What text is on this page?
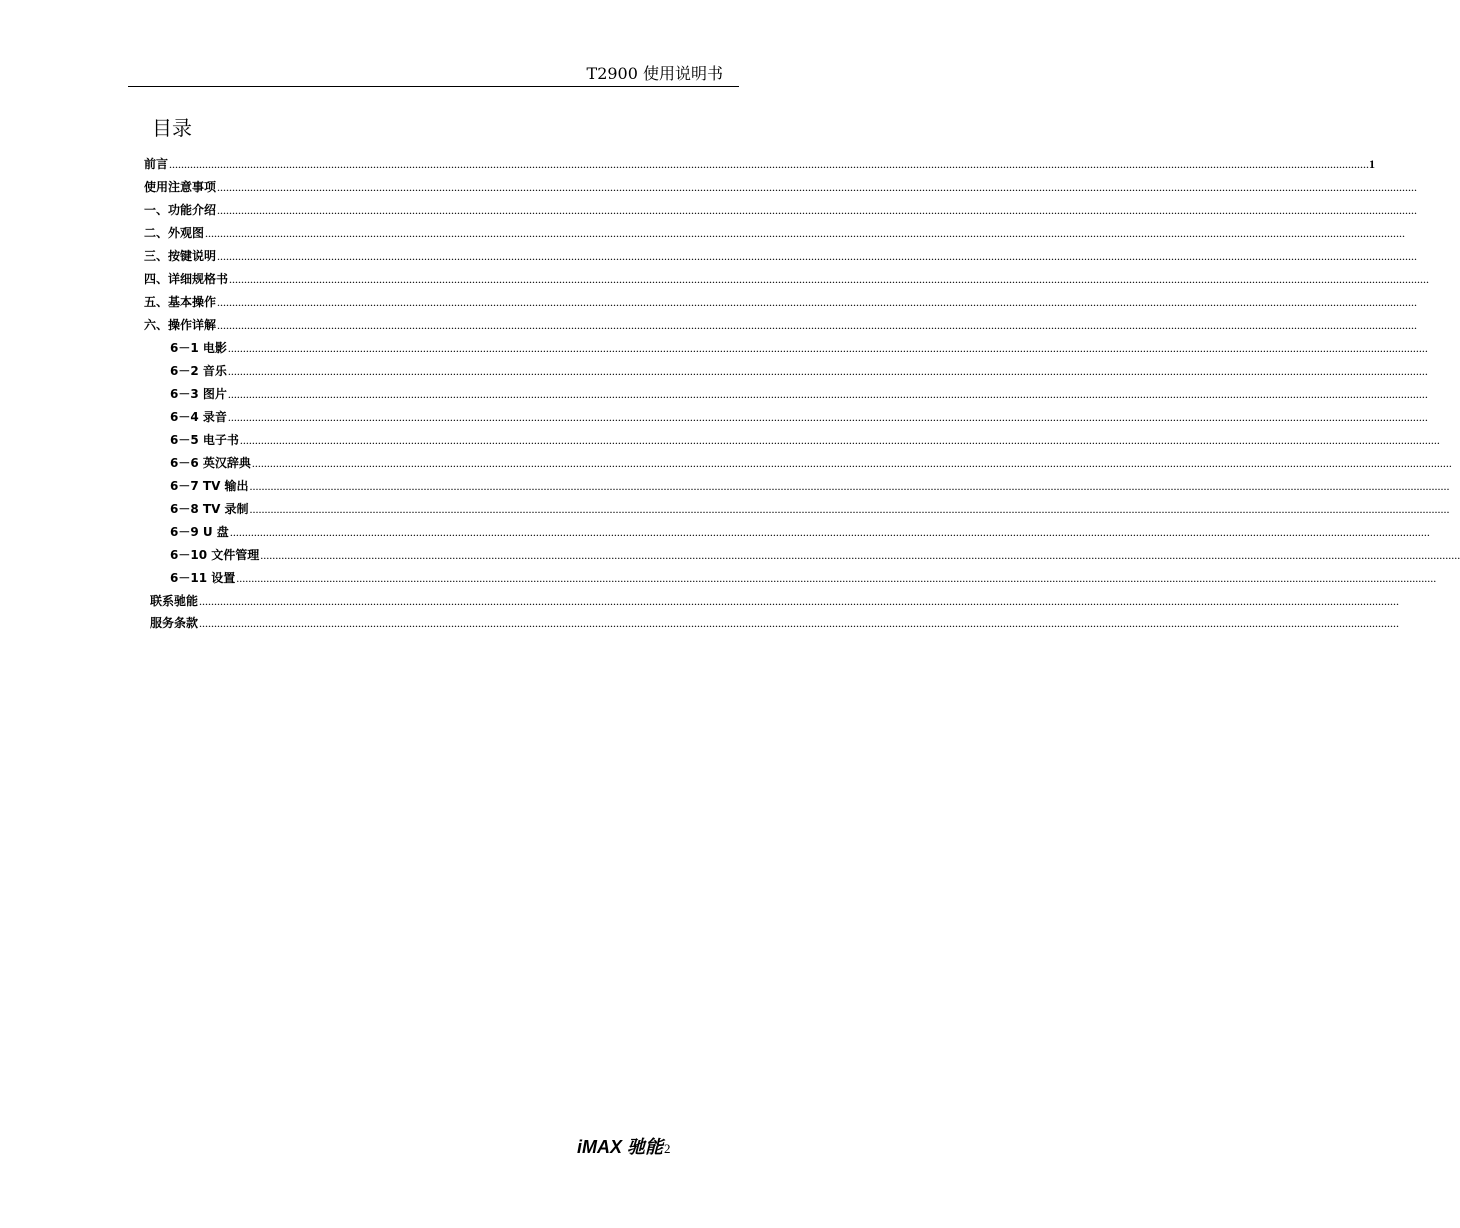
T2900 使用说明书
目录
前言 ................................................................................................................................................................................................................................................................................................................................................................................................................ 1
使用注意事项 ................................................................................................................................................................................................................................................................................................................................................................................................................
一、功能介绍 ................................................................................................................................................................................................................................................................................................................................................................................................................
二、外观图 ................................................................................................................................................................................................................................................................................................................................................................................................................
三、按键说明 ................................................................................................................................................................................................................................................................................................................................................................................................................
四、详细规格书 ................................................................................................................................................................................................................................................................................................................................................................................................................
五、基本操作 ................................................................................................................................................................................................................................................................................................................................................................................................................
六、操作详解 ................................................................................................................................................................................................................................................................................................................................................................................................................
6－1 电影 ................................................................................................................................................................................................................................................................................................................................................................................................................
6－2 音乐 ................................................................................................................................................................................................................................................................................................................................................................................................................
6－3 图片 ................................................................................................................................................................................................................................................................................................................................................................................................................
6－4 录音 ................................................................................................................................................................................................................................................................................................................................................................................................................
6－5 电子书 ................................................................................................................................................................................................................................................................................................................................................................................................................
6－6 英汉辞典 ................................................................................................................................................................................................................................................................................................................................................................................................................
6－7 TV 输出 ................................................................................................................................................................................................................................................................................................................................................................................................................
6－8 TV 录制 ................................................................................................................................................................................................................................................................................................................................................................................................................
6－9 U 盘 ................................................................................................................................................................................................................................................................................................................................................................................................................
6－10 文件管理 ................................................................................................................................................................................................................................................................................................................................................................................................................
6－11 设置 ................................................................................................................................................................................................................................................................................................................................................................................................................
联系驰能 ................................................................................................................................................................................................................................................................................................................................................................................................................
服务条款 ................................................................................................................................................................................................................................................................................................................................................................................................................
iMAX 驰能 2
